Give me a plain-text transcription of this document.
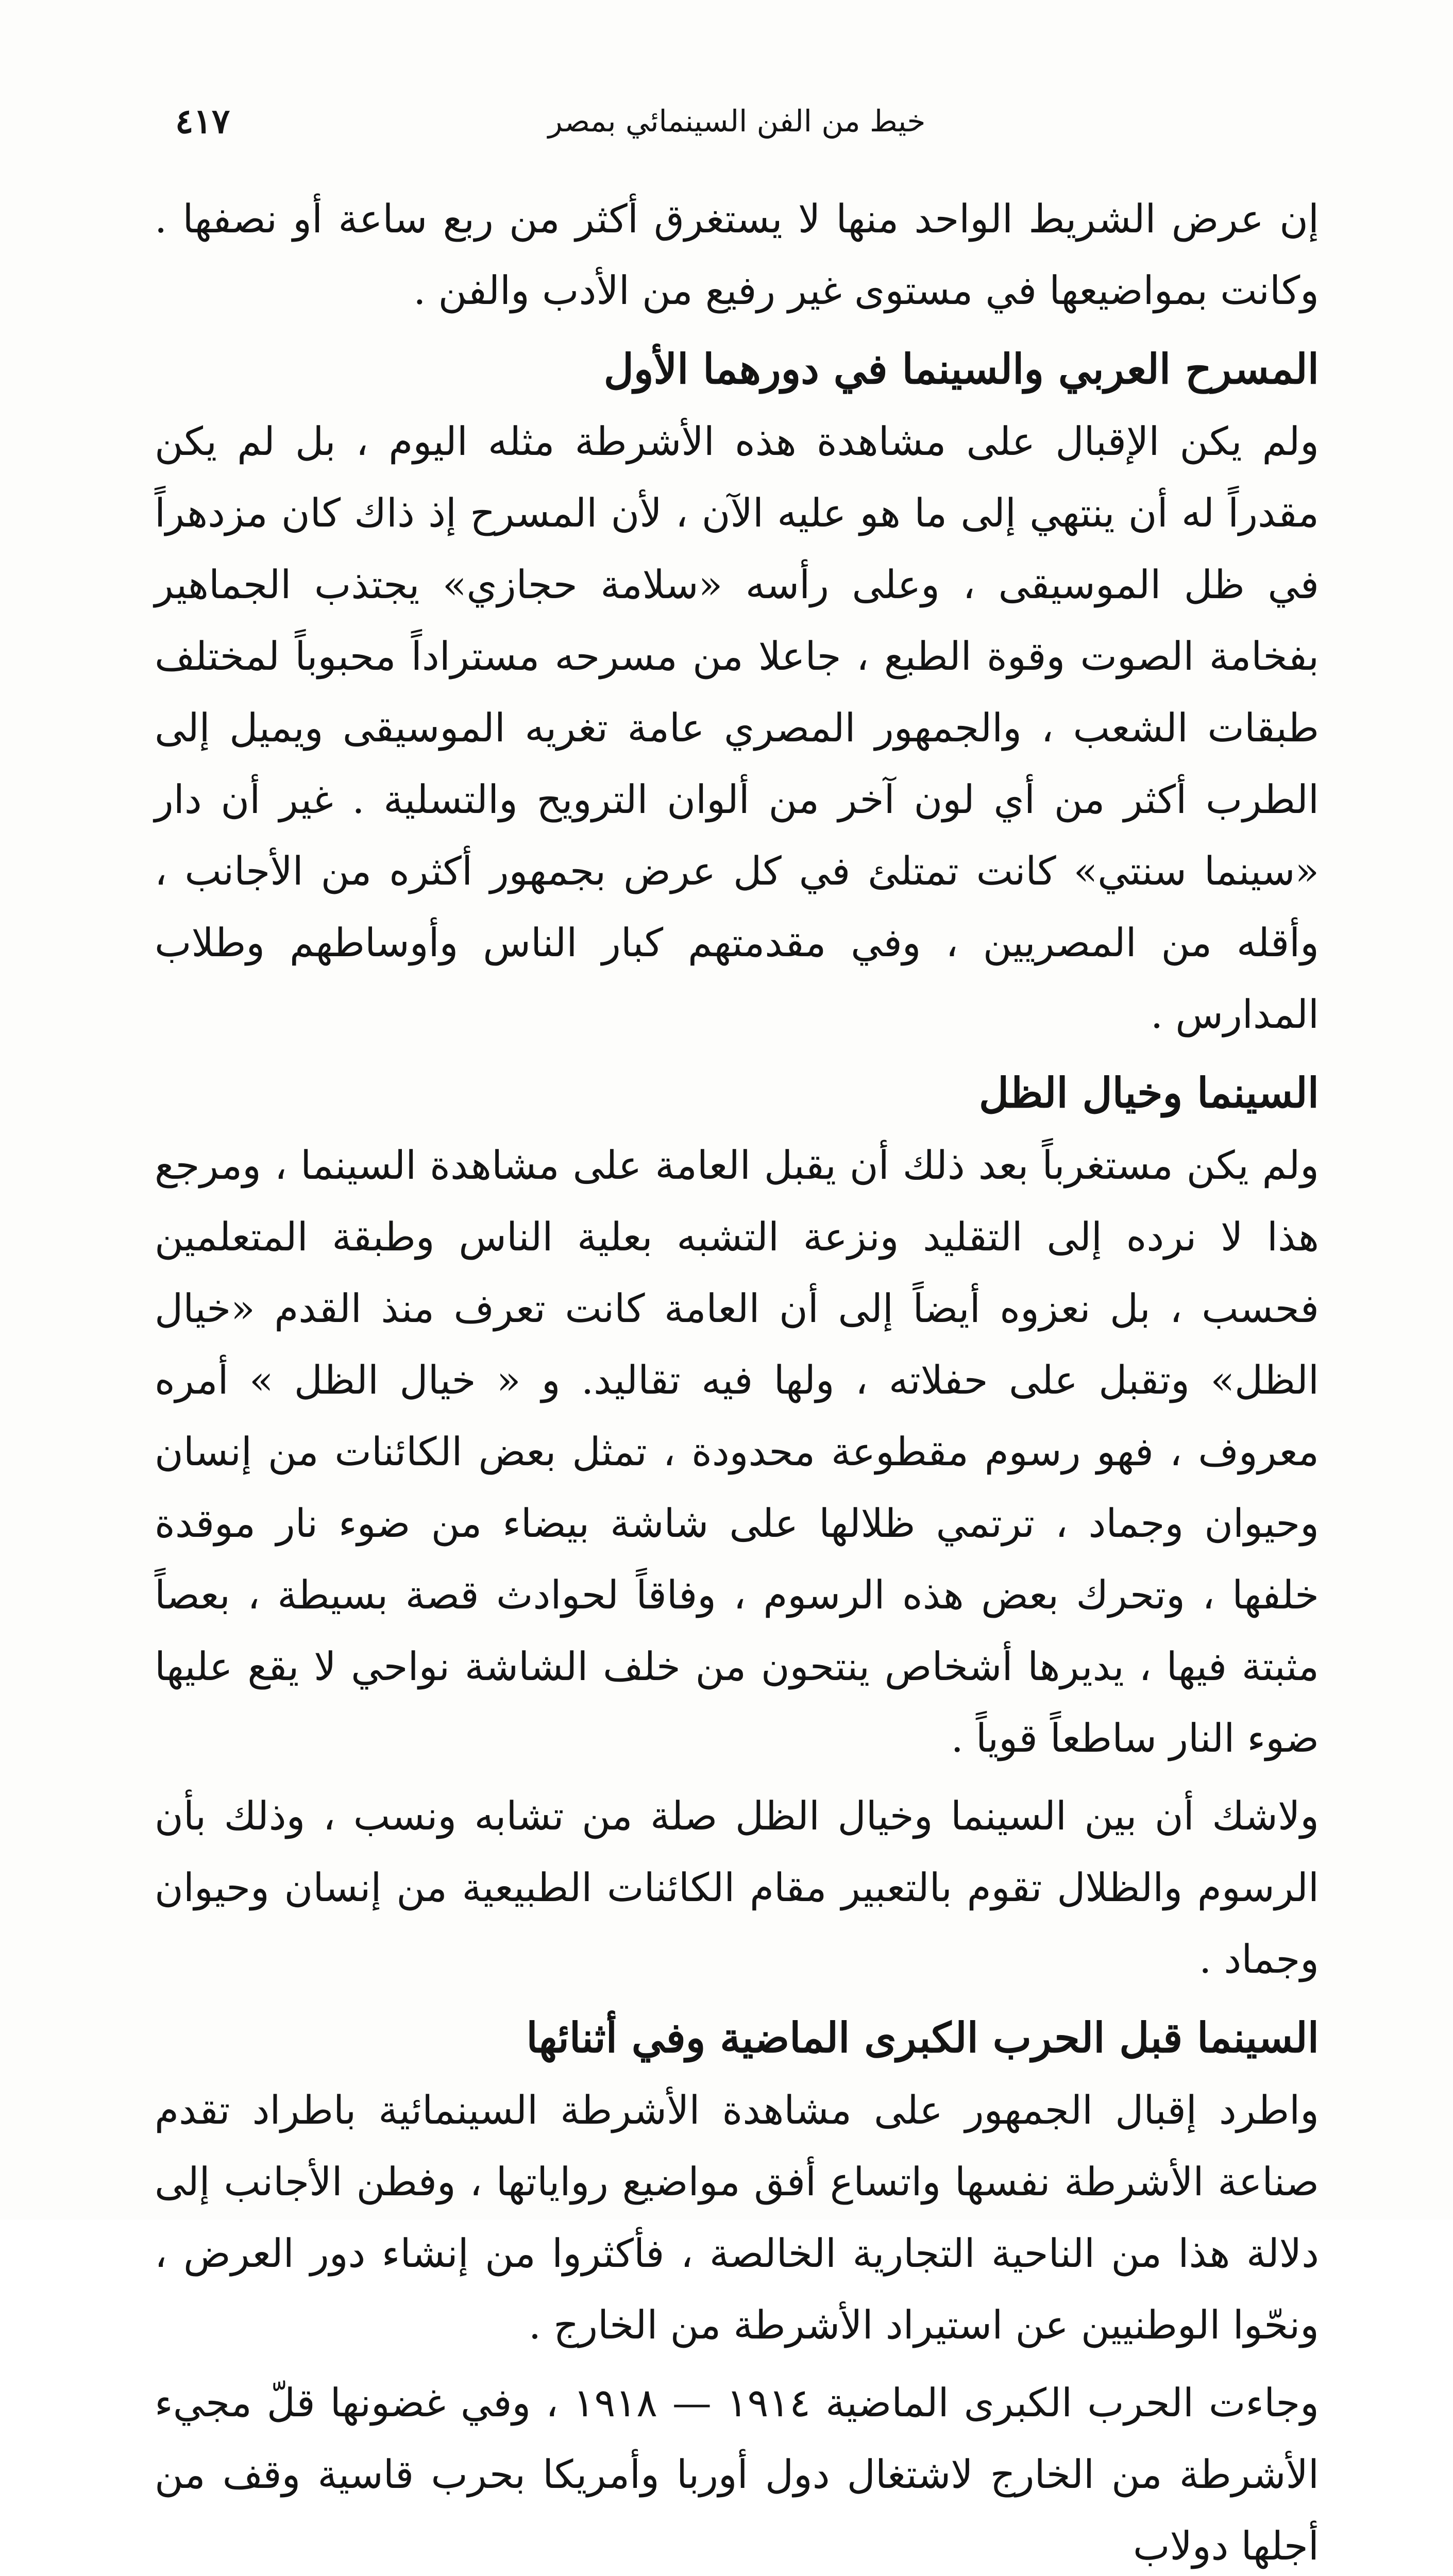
خيط من الفن السينمائي بمصر
٤١٧

إن عرض الشريط الواحد منها لا يستغرق أكثر من ربع ساعة أو نصفها . وكانت بمواضيعها في مستوى غير رفيع من الأدب والفن .

المسرح العربي والسينما في دورهما الأول

ولم يكن الإقبال على مشاهدة هذه الأشرطة مثله اليوم ، بل لم يكن مقدراً له أن ينتهي إلى ما هو عليه الآن ، لأن المسرح إذ ذاك كان مزدهراً في ظل الموسيقى ، وعلى رأسه «سلامة حجازي» يجتذب الجماهير بفخامة الصوت وقوة الطبع ، جاعلا من مسرحه مستراداً محبوباً لمختلف طبقات الشعب ، والجمهور المصري عامة تغريه الموسيقى ويميل إلى الطرب أكثر من أي لون آخر من ألوان الترويح والتسلية . غير أن دار «سينما سنتي» كانت تمتلئ في كل عرض بجمهور أكثره من الأجانب ، وأقله من المصريين ، وفي مقدمتهم كبار الناس وأوساطهم وطلاب المدارس .

السينما وخيال الظل

ولم يكن مستغرباً بعد ذلك أن يقبل العامة على مشاهدة السينما ، ومرجع هذا لا نرده إلى التقليد ونزعة التشبه بعلية الناس وطبقة المتعلمين فحسب ، بل نعزوه أيضاً إلى أن العامة كانت تعرف منذ القدم «خيال الظل» وتقبل على حفلاته ، ولها فيه تقاليد. و « خيال الظل » أمره معروف ، فهو رسوم مقطوعة محدودة ، تمثل بعض الكائنات من إنسان وحيوان وجماد ، ترتمي ظلالها على شاشة بيضاء من ضوء نار موقدة خلفها ، وتحرك بعض هذه الرسوم ، وفاقاً لحوادث قصة بسيطة ، بعصاً مثبتة فيها ، يديرها أشخاص ينتحون من خلف الشاشة نواحي لا يقع عليها ضوء النار ساطعاً قوياً .

ولاشك أن بين السينما وخيال الظل صلة من تشابه ونسب ، وذلك بأن الرسوم والظلال تقوم بالتعبير مقام الكائنات الطبيعية من إنسان وحيوان وجماد .

السينما قبل الحرب الكبرى الماضية وفي أثنائها

واطرد إقبال الجمهور على مشاهدة الأشرطة السينمائية باطراد تقدم صناعة الأشرطة نفسها واتساع أفق مواضيع رواياتها ، وفطن الأجانب إلى دلالة هذا من الناحية التجارية الخالصة ، فأكثروا من إنشاء دور العرض ، ونحّوا الوطنيين عن استيراد الأشرطة من الخارج .

وجاءت الحرب الكبرى الماضية ١٩١٤ — ١٩١٨ ، وفي غضونها قلّ مجيء الأشرطة من الخارج لاشتغال دول أوربا وأمريكا بحرب قاسية وقف من أجلها دولاب
